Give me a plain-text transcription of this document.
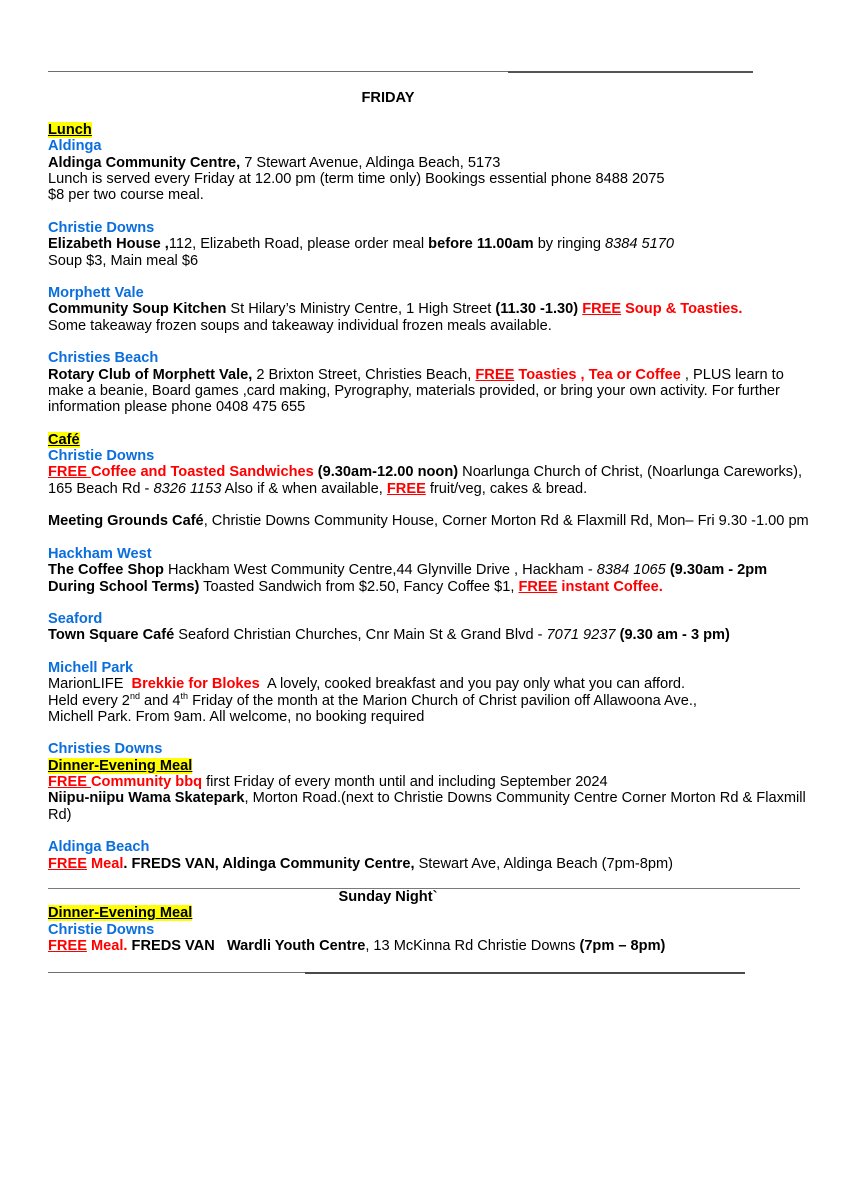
FRIDAY
Lunch
Aldinga
Aldinga Community Centre, 7 Stewart Avenue, Aldinga Beach, 5173
Lunch is served every Friday at 12.00 pm (term time only) Bookings essential phone 8488 2075
$8 per two course meal.
Christie Downs
Elizabeth House ,112, Elizabeth Road, please order meal before 11.00am by ringing 8384 5170
Soup $3, Main meal $6
Morphett Vale
Community Soup Kitchen St Hilary’s Ministry Centre, 1 High Street (11.30 -1.30) FREE Soup & Toasties.
Some takeaway frozen soups and takeaway individual frozen meals available.
Christies Beach
Rotary Club of Morphett Vale, 2 Brixton Street, Christies Beach, FREE Toasties , Tea or Coffee , PLUS learn to
make a beanie, Board games ,card making, Pyrography, materials provided, or bring your own activity. For further
information please phone 0408 475 655
Café
Christie Downs
FREE Coffee and Toasted Sandwiches (9.30am-12.00 noon) Noarlunga Church of Christ, (Noarlunga Careworks),
165 Beach Rd - 8326 1153 Also if & when available, FREE fruit/veg, cakes & bread.
Meeting Grounds Café, Christie Downs Community House, Corner Morton Rd & Flaxmill Rd, Mon– Fri 9.30 -1.00 pm
Hackham West
The Coffee Shop Hackham West Community Centre,44 Glynville Drive , Hackham - 8384 1065 (9.30am - 2pm
During School Terms) Toasted Sandwich from $2.50, Fancy Coffee $1, FREE instant Coffee.
Seaford
Town Square Café Seaford Christian Churches, Cnr Main St & Grand Blvd - 7071 9237 (9.30 am - 3 pm)
Michell Park
MarionLIFE  Brekkie for Blokes  A lovely, cooked breakfast and you pay only what you can afford.
Held every 2nd and 4th Friday of the month at the Marion Church of Christ pavilion off Allawoona Ave.,
Michell Park. From 9am. All welcome, no booking required
Christies Downs
Dinner-Evening Meal
FREE Community bbq first Friday of every month until and including September 2024
Niipu-niipu Wama Skatepark, Morton Road.(next to Christie Downs Community Centre Corner Morton Rd & Flaxmill
Rd)
Aldinga Beach
FREE Meal. FREDS VAN, Aldinga Community Centre, Stewart Ave, Aldinga Beach (7pm-8pm)
Sunday Night`
Dinner-Evening Meal
Christie Downs
FREE Meal. FREDS VAN   Wardli Youth Centre, 13 McKinna Rd Christie Downs (7pm – 8pm)
